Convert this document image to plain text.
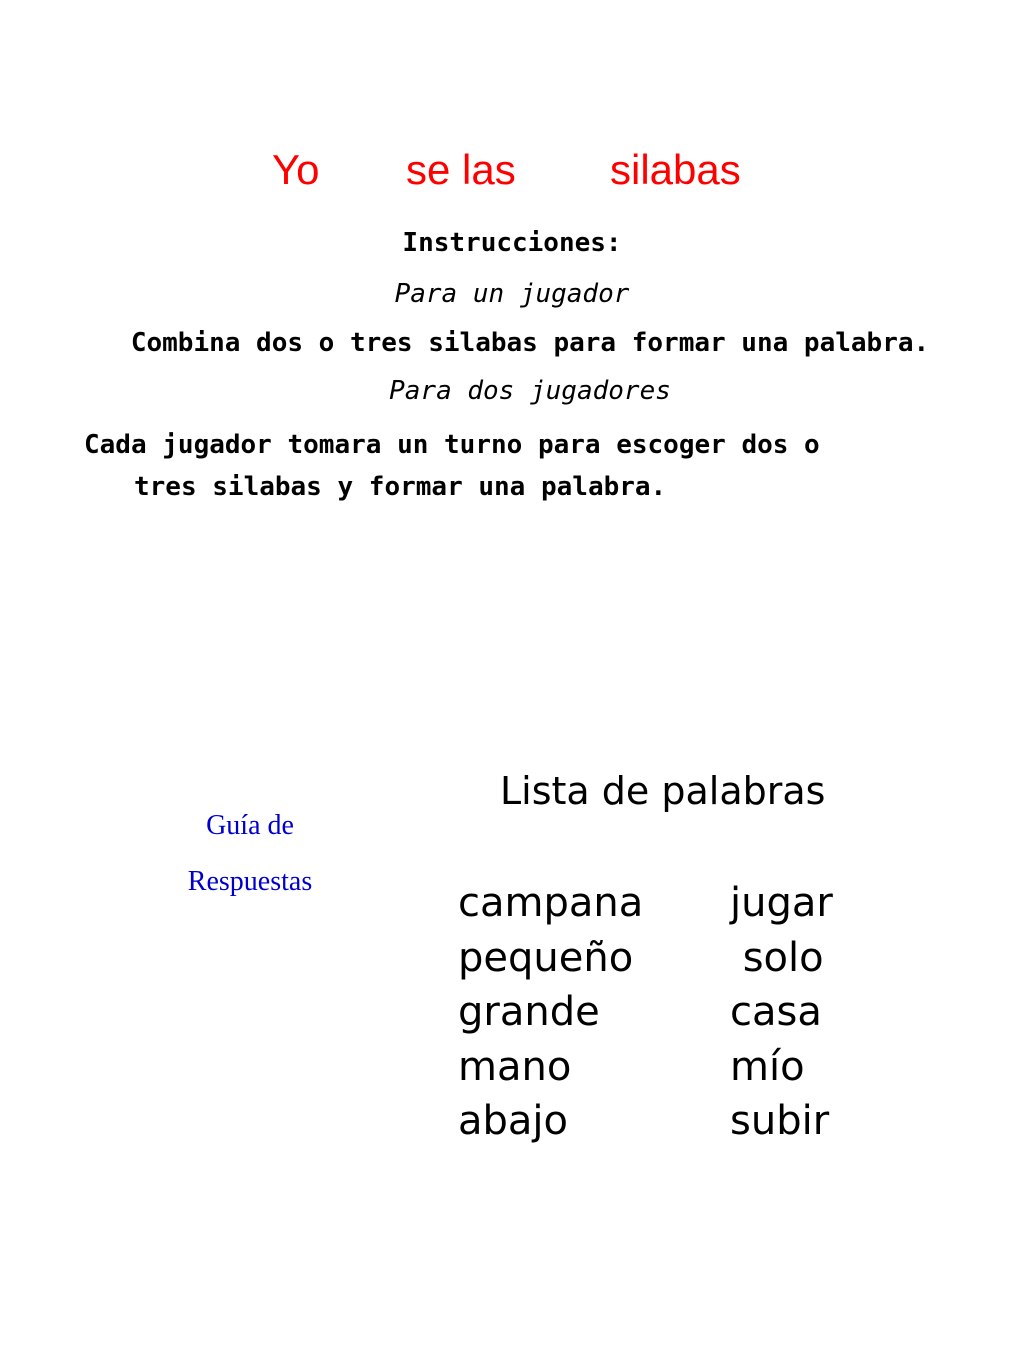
Yo se las silabas
Instrucciones:
Para un jugador
Combina dos o tres silabas para formar una palabra.
Para dos jugadores
Cada jugador tomara un turno para escoger dos o
tres silabas y formar una palabra.
Guía de
Respuestas
Lista de palabras
campana jugar
pequeño solo
grande	casa
mano	mío
abajo	subir
